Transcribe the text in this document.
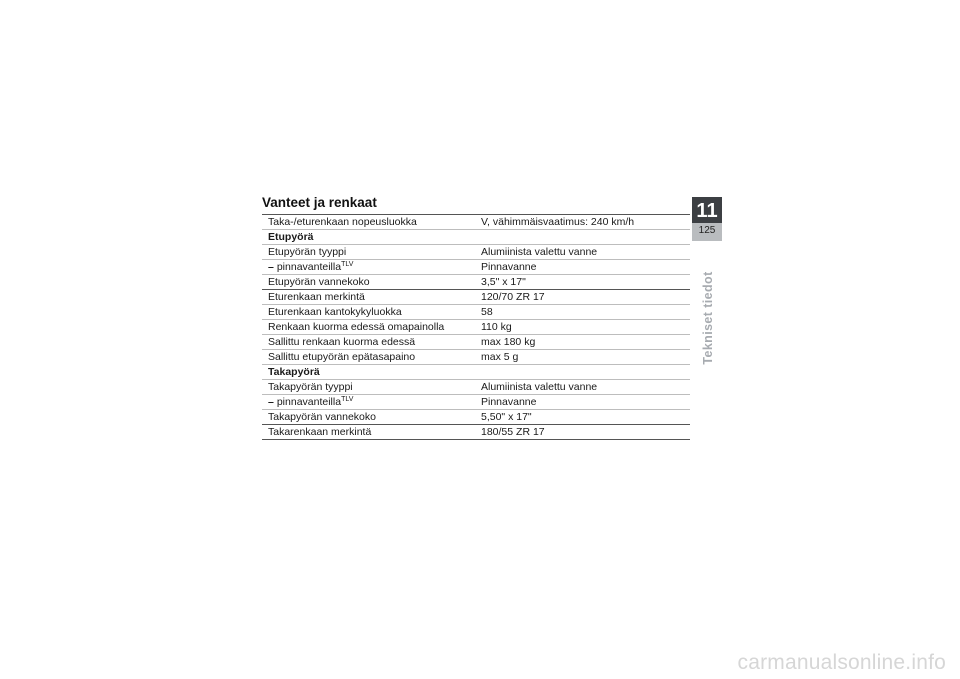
Vanteet ja renkaat
Taka-/eturenkaan nopeusluokka	V, vähimmäisvaatimus: 240 km/h
Etupyörä	
Etupyörän tyyppi	Alumiinista valettu vanne
– pinnavanteilla$^{TLV}$	Pinnavanne
Etupyörän vannekoko	3,5" x 17"
Eturenkaan merkintä	120/70 ZR 17
Eturenkaan kantokykyluokka	58
Renkaan kuorma edessä omapainolla	110 kg
Sallittu renkaan kuorma edessä	max 180 kg
Sallittu etupyörän epätasapaino	max 5 g
Takapyörä	
Takapyörän tyyppi	Alumiinista valettu vanne
– pinnavanteilla$^{TLV}$	Pinnavanne
Takapyörän vannekoko	5,50" x 17"
Takarenkaan merkintä	180/55 ZR 17
11
125
Tekniset tiedot
carmanualsonline.info
